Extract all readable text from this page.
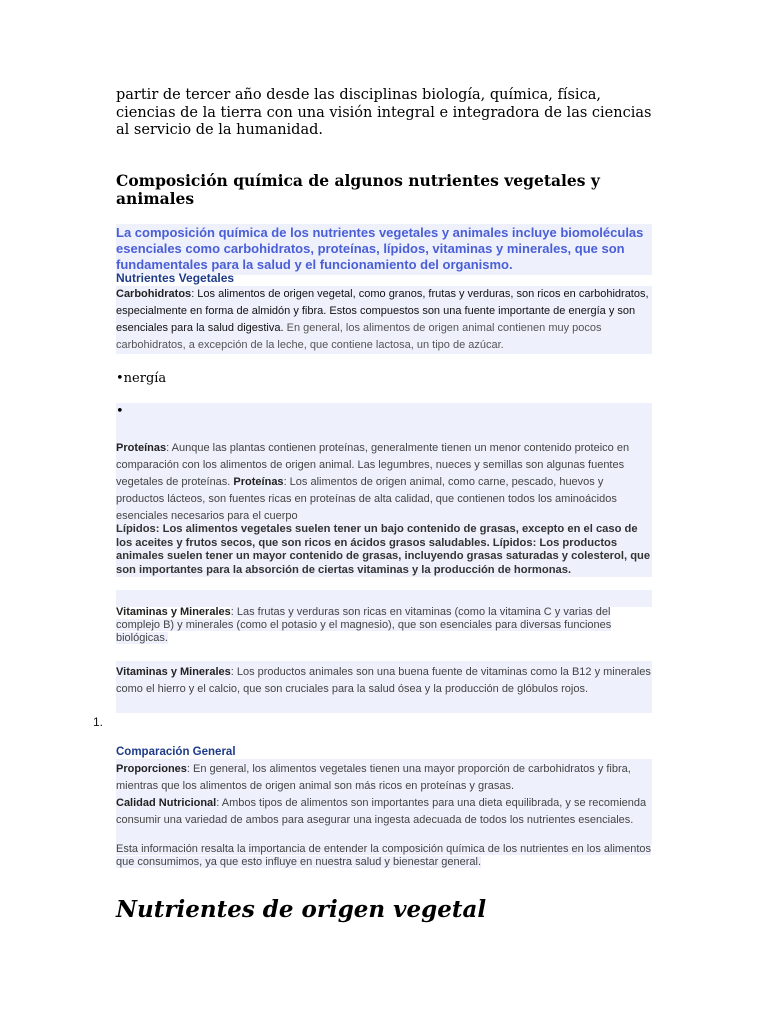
partir de tercer año desde las disciplinas biología, química, física, ciencias de la tierra con una visión integral e integradora de las ciencias al servicio de la humanidad.

Composición química de algunos nutrientes vegetales y animales

La composición química de los nutrientes vegetales y animales incluye biomoléculas esenciales como carbohidratos, proteínas, lípidos, vitaminas y minerales, que son fundamentales para la salud y el funcionamiento del organismo.

Nutrientes Vegetales

Carbohidratos: Los alimentos de origen vegetal, como granos, frutas y verduras, son ricos en carbohidratos, especialmente en forma de almidón y fibra. Estos compuestos son una fuente importante de energía y son esenciales para la salud digestiva. En general, los alimentos de origen animal contienen muy pocos carbohidratos, a excepción de la leche, que contiene lactosa, un tipo de azúcar.

•nergía

•

Proteínas: Aunque las plantas contienen proteínas, generalmente tienen un menor contenido proteico en comparación con los alimentos de origen animal. Las legumbres, nueces y semillas son algunas fuentes vegetales de proteínas. Proteínas: Los alimentos de origen animal, como carne, pescado, huevos y productos lácteos, son fuentes ricas en proteínas de alta calidad, que contienen todos los aminoácidos esenciales necesarios para el cuerpo

Lípidos: Los alimentos vegetales suelen tener un bajo contenido de grasas, excepto en el caso de los aceites y frutos secos, que son ricos en ácidos grasos saludables. Lípidos: Los productos animales suelen tener un mayor contenido de grasas, incluyendo grasas saturadas y colesterol, que son importantes para la absorción de ciertas vitaminas y la producción de hormonas.

Vitaminas y Minerales: Las frutas y verduras son ricas en vitaminas (como la vitamina C y varias del complejo B) y minerales (como el potasio y el magnesio), que son esenciales para diversas funciones biológicas.

Vitaminas y Minerales: Los productos animales son una buena fuente de vitaminas como la B12 y minerales como el hierro y el calcio, que son cruciales para la salud ósea y la producción de glóbulos rojos.

1.

Comparación General

Proporciones: En general, los alimentos vegetales tienen una mayor proporción de carbohidratos y fibra, mientras que los alimentos de origen animal son más ricos en proteínas y grasas.
Calidad Nutricional: Ambos tipos de alimentos son importantes para una dieta equilibrada, y se recomienda consumir una variedad de ambos para asegurar una ingesta adecuada de todos los nutrientes esenciales.

Esta información resalta la importancia de entender la composición química de los nutrientes en los alimentos que consumimos, ya que esto influye en nuestra salud y bienestar general.

Nutrientes de origen vegetal
